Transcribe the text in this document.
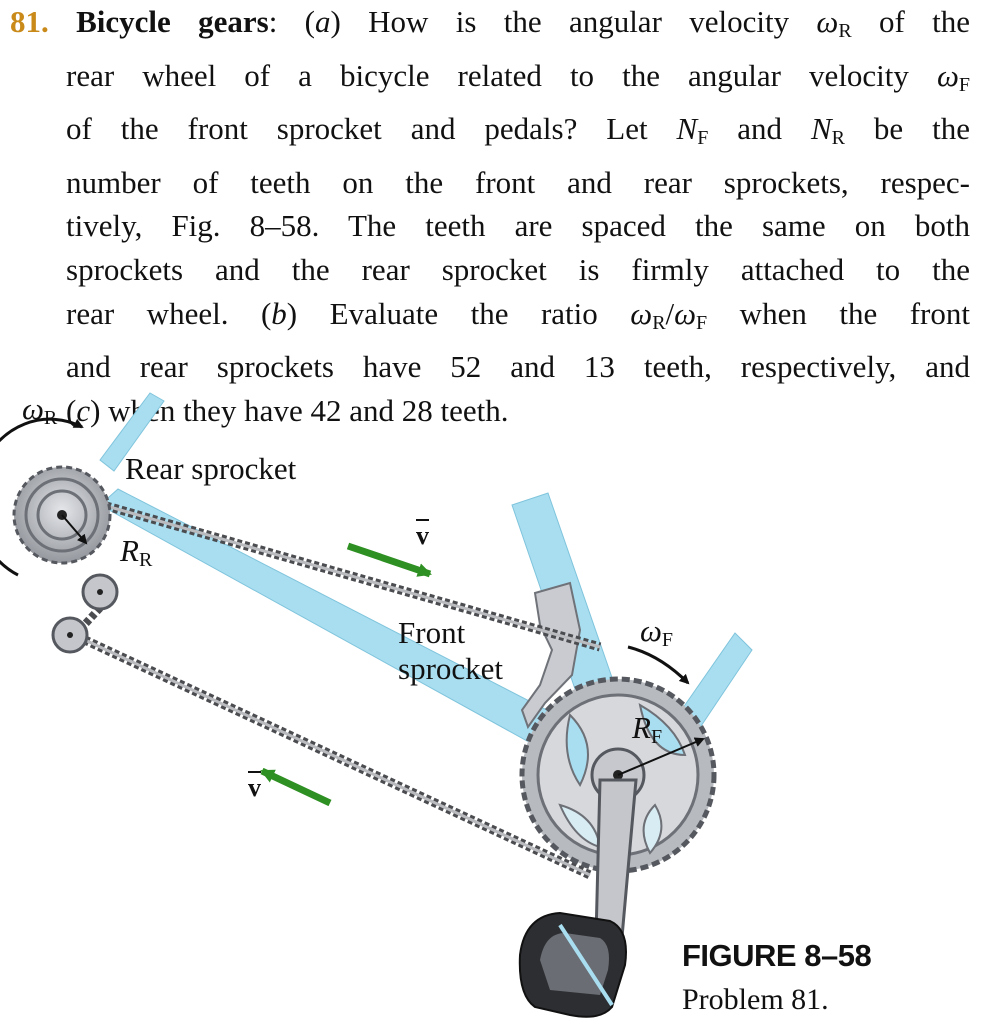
81. Bicycle gears: (a) How is the angular velocity $\omega_R$ of the
rear wheel of a bicycle related to the angular velocity $\omega_F$
of the front sprocket and pedals? Let $N_F$ and $N_R$ be the
number of teeth on the front and rear sprockets, respec-
tively, Fig. 8–58. The teeth are spaced the same on both
sprockets and the rear sprocket is firmly attached to the
rear wheel. (b) Evaluate the ratio $\omega_R/\omega_F$ when the front
and rear sprockets have 52 and 13 teeth, respectively, and
(c) when they have 42 and 28 teeth.

$\omega_R$
Rear sprocket
$R_R$
$\overline{v}$
Front
sprocket
$\omega_F$
$R_F$
$\overline{v}$
FIGURE 8–58
Problem 81.
